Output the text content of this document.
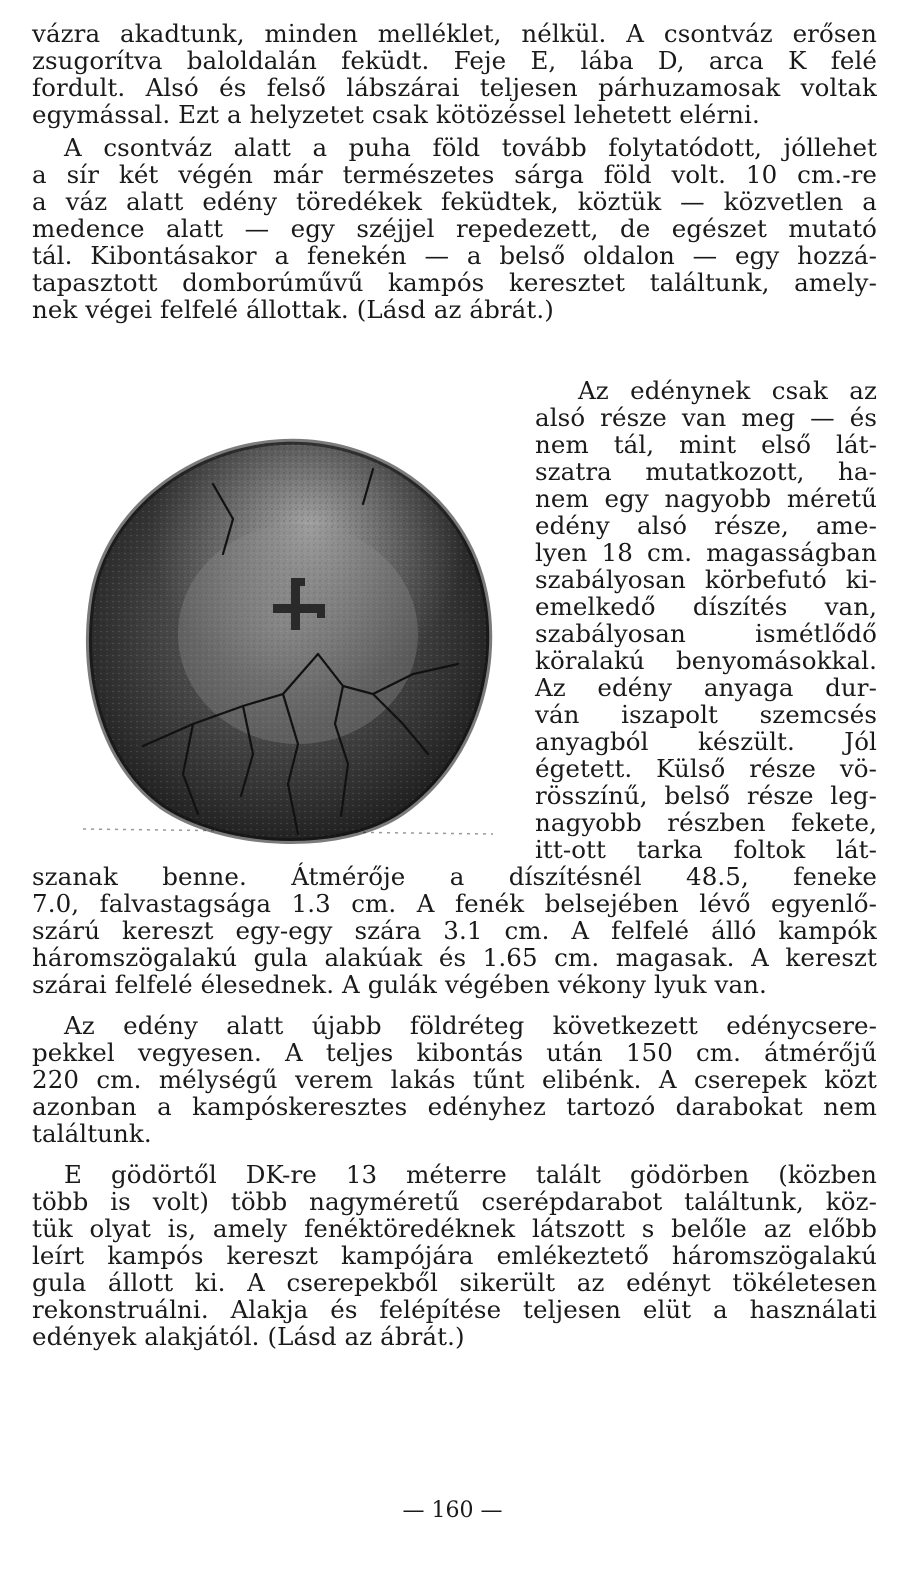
vázra akadtunk, minden melléklet, nélkül. A csontváz erősen

zsugorítva baloldalán feküdt. Feje E, lába D, arca K felé

fordult. Alsó és felső lábszárai teljesen párhuzamosak voltak

egymással. Ezt a helyzetet csak kötözéssel lehetett elérni.

A csontváz alatt a puha föld tovább folytatódott, jóllehet

a sír két végén már természetes sárga föld volt. 10 cm.-re

a váz alatt edény töredékek feküdtek, köztük — közvetlen a

medence alatt — egy széjjel repedezett, de egészet mutató

tál. Kibontásakor a fenekén — a belső oldalon — egy hozzá-

tapasztott domborúművű kampós keresztet találtunk, amely-

nek végei felfelé állottak. (Lásd az ábrát.)

Az edénynek csak az

alsó része van meg — és

nem tál, mint első lát-

szatra mutatkozott, ha-

nem egy nagyobb méretű

edény alsó része, ame-

lyen 18 cm. magasságban

szabályosan körbefutó ki-

emelkedő díszítés van,

szabályosan ismétlődő

köralakú benyomásokkal.

Az edény anyaga dur-

ván iszapolt szemcsés

anyagból készült. Jól

égetett. Külső része vö-

rösszínű, belső része leg-

nagyobb részben fekete,

itt-ott tarka foltok lát-

szanak benne. Átmérője a díszítésnél 48.5, feneke

7.0, falvastagsága 1.3 cm. A fenék belsejében lévő egyenlő-

szárú kereszt egy-egy szára 3.1 cm. A felfelé álló kampók

háromszögalakú gula alakúak és 1.65 cm. magasak. A kereszt

szárai felfelé élesednek. A gulák végében vékony lyuk van.

Az edény alatt újabb földréteg következett edénycsere-

pekkel vegyesen. A teljes kibontás után 150 cm. átmérőjű

220 cm. mélységű verem lakás tűnt elibénk. A cserepek közt

azonban a kampóskeresztes edényhez tartozó darabokat nem

találtunk.

E gödörtől DK-re 13 méterre talált gödörben (közben

több is volt) több nagyméretű cserépdarabot találtunk, köz-

tük olyat is, amely fenéktöredéknek látszott s belőle az előbb

leírt kampós kereszt kampójára emlékeztető háromszögalakú

gula állott ki. A cserepekből sikerült az edényt tökéletesen

rekonstruálni. Alakja és felépítése teljesen elüt a használati

edények alakjától. (Lásd az ábrát.)

— 160 —
